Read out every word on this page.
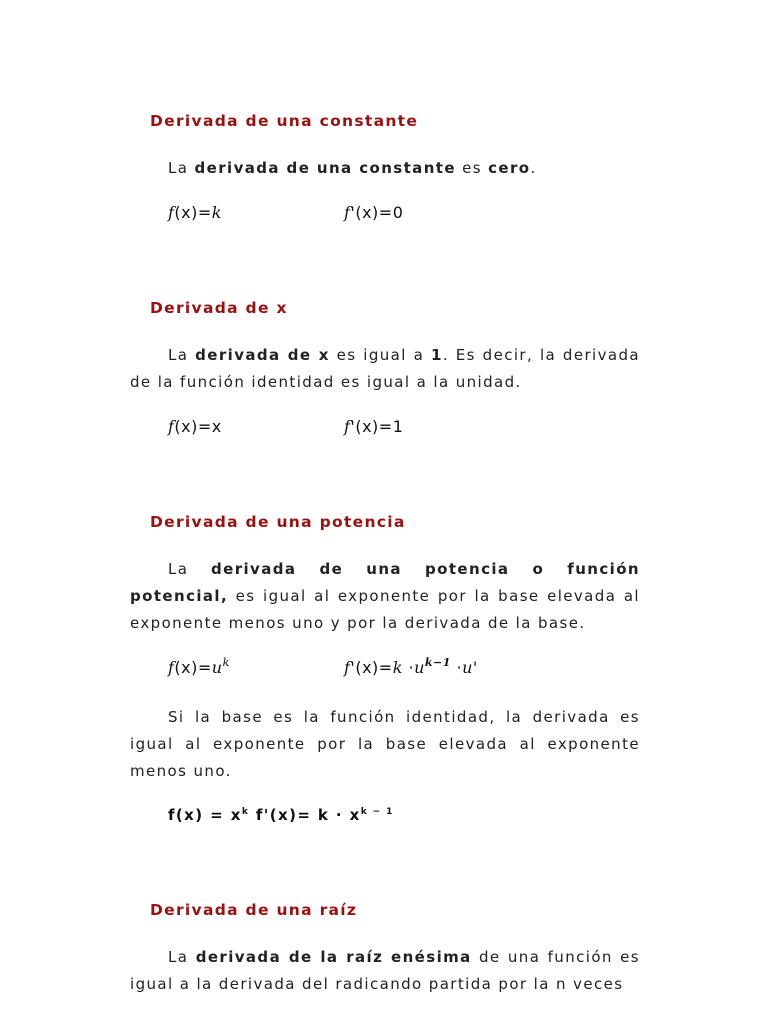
Derivada de una constante

La derivada de una constante es cero.

f(x)=k	f'(x)=0
Derivada de x

La derivada de x es igual a 1. Es decir, la derivada de la función identidad es igual a la unidad.

f(x)=x	f'(x)=1
Derivada de una potencia

La derivada de una potencia o función potencial, es igual al exponente por la base elevada al exponente menos uno y por la derivada de la base.

$f(x)=u^k$	$f'(x)=k \cdot u^{k-1} \cdot u'$

Si la base es la función identidad, la derivada es igual al exponente por la base elevada al exponente menos uno.

$f(x) = x^k$ $f'(x)= k \cdot x^{k - 1}$
Derivada de una raíz

La derivada de la raíz enésima de una función es igual a la derivada del radicando partida por la n veces
